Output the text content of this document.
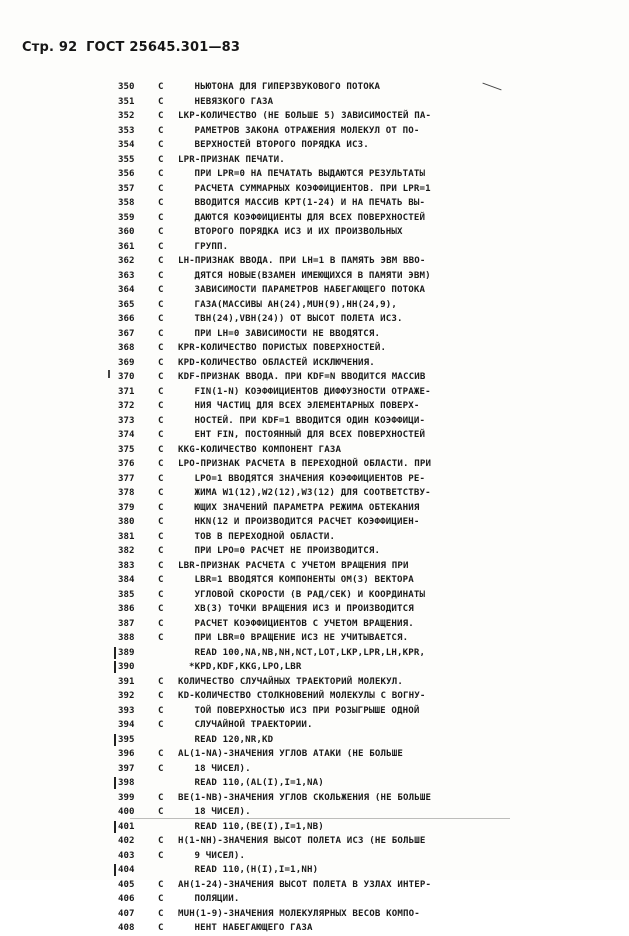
Стр. 92 ГОСТ 25645.301—83
350	C	НЬЮТОНА ДЛЯ ГИПЕРЗВУКОВОГО ПОТОКА
351	C	НЕВЯЗКОГО ГАЗА
352	C	LKP-КОЛИЧЕСТВО (НЕ БОЛЬШЕ 5) ЗАВИСИМОСТЕЙ ПА-
353	C	РАМЕТРОВ ЗАКОНА ОТРАЖЕНИЯ МОЛЕКУЛ ОТ ПО-
354	C	ВЕРХНОСТЕЙ ВТОРОГО ПОРЯДКА ИСЗ.
355	C	LPR-ПРИЗНАК ПЕЧАТИ.
356	C	ПРИ LPR=0 НА ПЕЧАТАТЬ ВЫДАЮТСЯ РЕЗУЛЬТАТЫ
357	C	РАСЧЕТА СУММАРНЫХ КОЭФФИЦИЕНТОВ. ПРИ LPR=1
358	C	ВВОДИТСЯ МАССИВ KPT(1-24) И НА ПЕЧАТЬ ВЫ-
359	C	ДАЮТСЯ КОЭФФИЦИЕНТЫ ДЛЯ ВСЕХ ПОВЕРХНОСТЕЙ
360	C	ВТОРОГО ПОРЯДКА ИСЗ И ИХ ПРОИЗВОЛЬНЫХ
361	C	ГРУПП.
362	C	LH-ПРИЗНАК ВВОДА. ПРИ LH=1 В ПАМЯТЬ ЭВМ ВВО-
363	C	ДЯТСЯ НОВЫЕ(ВЗАМЕН ИМЕЮЩИХСЯ В ПАМЯТИ ЭВМ)
364	C	ЗАВИСИМОСТИ ПАРАМЕТРОВ НАБЕГАЮЩЕГО ПОТОКА
365	C	ГАЗА(МАССИВЫ AH(24),MUH(9),HH(24,9),
366	C	TBH(24),VBH(24)) ОТ ВЫСОТ ПОЛЕТА ИСЗ.
367	C	ПРИ LH=0 ЗАВИСИМОСТИ НЕ ВВОДЯТСЯ.
368	C	KPR-КОЛИЧЕСТВО ПОРИСТЫХ ПОВЕРХНОСТЕЙ.
369	C	KPD-КОЛИЧЕСТВО ОБЛАСТЕЙ ИСКЛЮЧЕНИЯ.
370	C	KDF-ПРИЗНАК ВВОДА. ПРИ KDF=N ВВОДИТСЯ МАССИВ
371	C	FIN(1-N) КОЭФФИЦИЕНТОВ ДИФФУЗНОСТИ ОТРАЖЕ-
372	C	НИЯ ЧАСТИЦ ДЛЯ ВСЕХ ЭЛЕМЕНТАРНЫХ ПОВЕРХ-
373	C	НОСТЕЙ. ПРИ KDF=1 ВВОДИТСЯ ОДИН КОЭФФИЦИ-
374	C	ЕНТ FIN, ПОСТОЯННЫЙ ДЛЯ ВСЕХ ПОВЕРХНОСТЕЙ
375	C	KKG-КОЛИЧЕСТВО КОМПОНЕНТ ГАЗА
376	C	LPO-ПРИЗНАК РАСЧЕТА В ПЕРЕХОДНОЙ ОБЛАСТИ. ПРИ
377	C	LPO=1 ВВОДЯТСЯ ЗНАЧЕНИЯ КОЭФФИЦИЕНТОВ РЕ-
378	C	ЖИМА W1(12),W2(12),W3(12) ДЛЯ СООТВЕТСТВУ-
379	C	ЮЩИХ ЗНАЧЕНИЙ ПАРАМЕТРА РЕЖИМА ОБТЕКАНИЯ
380	C	HKN(12 И ПРОИЗВОДИТСЯ РАСЧЕТ КОЭФФИЦИЕН-
381	C	ТОВ В ПЕРЕХОДНОЙ ОБЛАСТИ.
382	C	ПРИ LPO=0 РАСЧЕТ НЕ ПРОИЗВОДИТСЯ.
383	C	LBR-ПРИЗНАК РАСЧЕТА С УЧЕТОМ ВРАЩЕНИЯ ПРИ
384	C	LBR=1 ВВОДЯТСЯ КОМПОНЕНТЫ ОМ(3) ВЕКТОРА
385	C	УГЛОВОЙ СКОРОСТИ (В РАД/СЕК) И КООРДИНАТЫ
386	C	XB(3) ТОЧКИ ВРАЩЕНИЯ ИСЗ И ПРОИЗВОДИТСЯ
387	C	РАСЧЕТ КОЭФФИЦИЕНТОВ С УЧЕТОМ ВРАЩЕНИЯ.
388	C	ПРИ LBR=0 ВРАЩЕНИЕ ИСЗ НЕ УЧИТЫВАЕТСЯ.
389	READ 100,NA,NB,NH,NCT,LOT,LKP,LPR,LH,KPR,
390	*KPD,KDF,KKG,LPO,LBR
391	C	КОЛИЧЕСТВО СЛУЧАЙНЫХ ТРАЕКТОРИЙ МОЛЕКУЛ.
392	C	KD-КОЛИЧЕСТВО СТОЛКНОВЕНИЙ МОЛЕКУЛЫ С ВОГНУ-
393	C	ТОЙ ПОВЕРХНОСТЬЮ ИСЗ ПРИ РОЗЫГРЫШЕ ОДНОЙ
394	C	СЛУЧАЙНОЙ ТРАЕКТОРИИ.
395	READ 120,NR,KD
396	C	AL(1-NA)-ЗНАЧЕНИЯ УГЛОВ АТАКИ (НЕ БОЛЬШЕ
397	C	18 ЧИСЕЛ).
398	READ 110,(AL(I),I=1,NA)
399	C	BE(1-NB)-ЗНАЧЕНИЯ УГЛОВ СКОЛЬЖЕНИЯ (НЕ БОЛЬШЕ
400	C	18 ЧИСЕЛ).
401	READ 110,(BE(I),I=1,NB)
402	C	H(1-NH)-ЗНАЧЕНИЯ ВЫСОТ ПОЛЕТА ИСЗ (НЕ БОЛЬШЕ
403	C	9 ЧИСЕЛ).
404	READ 110,(H(I),I=1,NH)
405	C	AH(1-24)-ЗНАЧЕНИЯ ВЫСОТ ПОЛЕТА В УЗЛАХ ИНТЕР-
406	C	ПОЛЯЦИИ.
407	C	MUH(1-9)-ЗНАЧЕНИЯ МОЛЕКУЛЯРНЫХ ВЕСОВ КОМПО-
408	C	НЕНТ НАБЕГАЮЩЕГО ГАЗА
